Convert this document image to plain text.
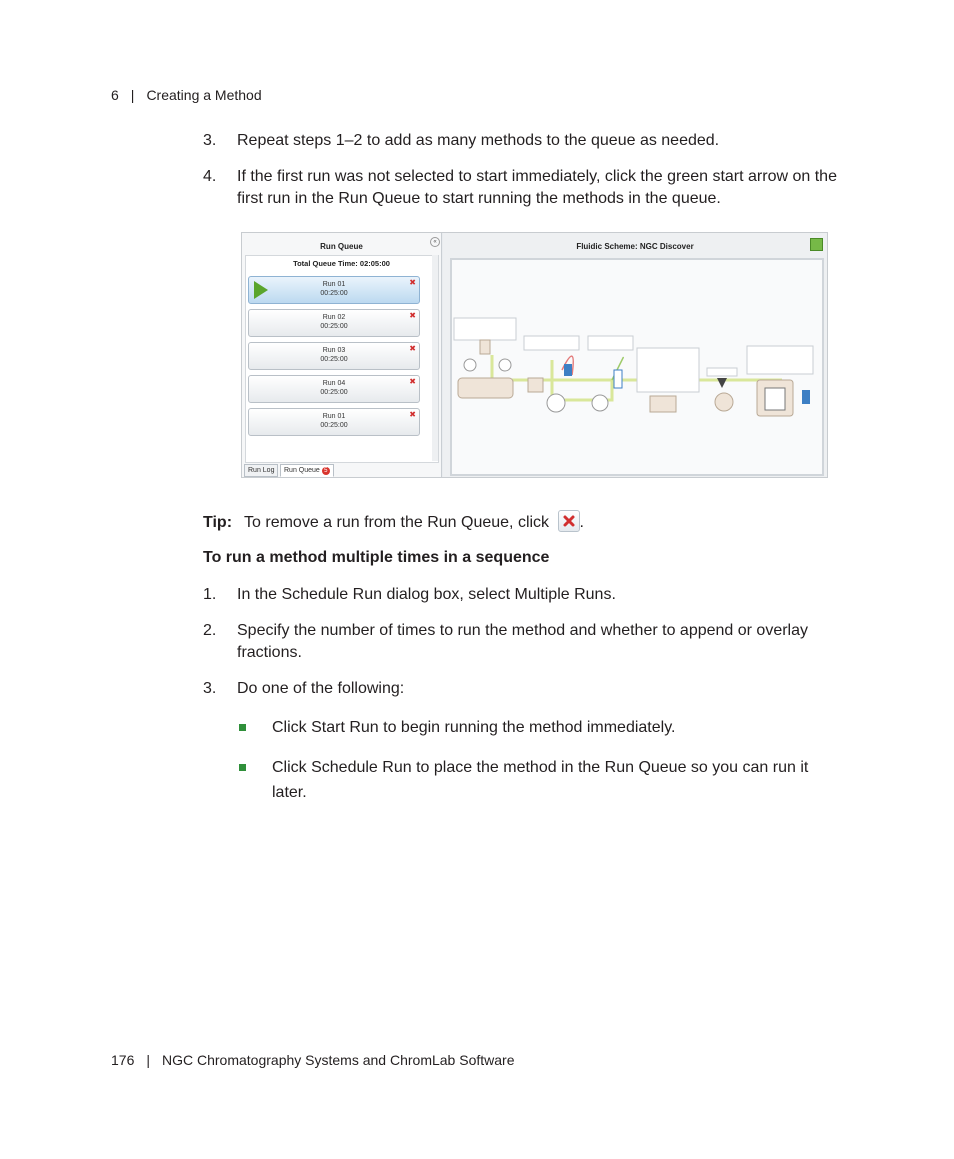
6 | Creating a Method
3. Repeat steps 1–2 to add as many methods to the queue as needed.
4. If the first run was not selected to start immediately, click the green start arrow on the first run in the Run Queue to start running the methods in the queue.
Run Queue	«
Total Queue Time: 02:05:00
Run 01
00:25:00
✖
Run 02
00:25:00
✖
Run 03
00:25:00
✖
Run 04
00:25:00
✖
Run 01
00:25:00
✖
Run Log	Run Queue 5
Fluidic Scheme: NGC Discover
Tip: To remove a run from the Run Queue, click .
To run a method multiple times in a sequence
1. In the Schedule Run dialog box, select Multiple Runs.
2. Specify the number of times to run the method and whether to append or overlay fractions.
3. Do one of the following:
Click Start Run to begin running the method immediately.
Click Schedule Run to place the method in the Run Queue so you can run it later.
176 | NGC Chromatography Systems and ChromLab Software
